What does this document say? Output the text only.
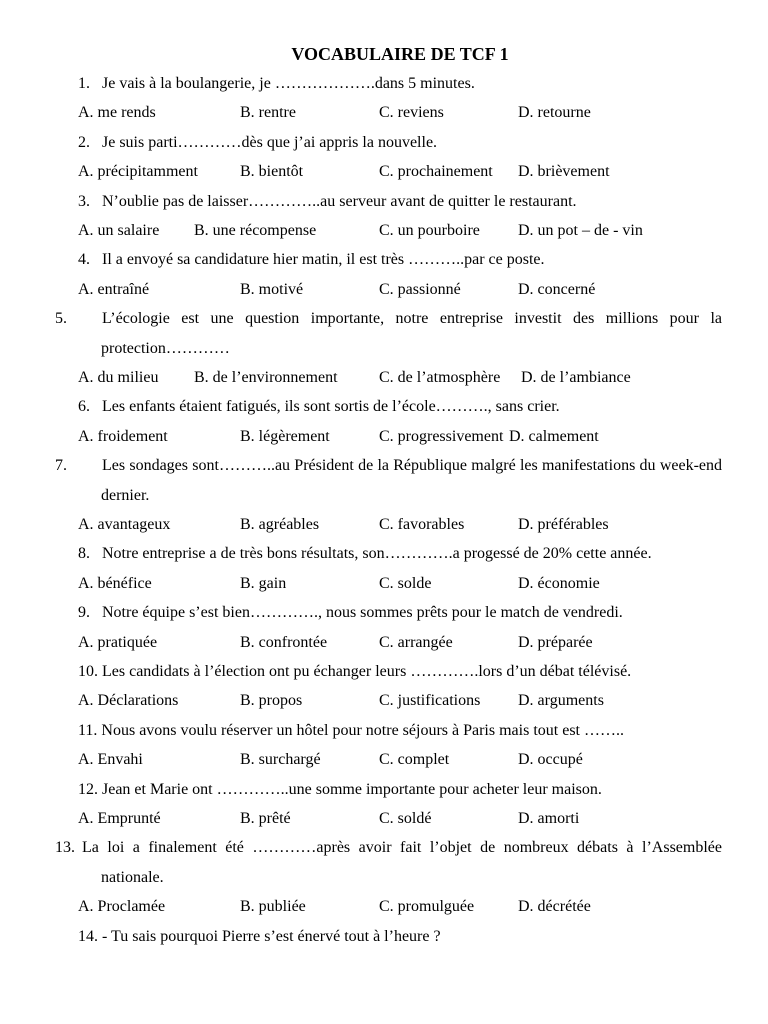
VOCABULAIRE DE TCF 1
1. Je vais à la boulangerie, je ……………….dans 5 minutes.
A. me rends	B. rentre	C. reviens	D. retourne
2. Je suis parti…………dès que j’ai appris la nouvelle.
A. précipitamment	B. bientôt	C. prochainement D. brièvement
3. N’oublie pas de laisser…………..au serveur avant de quitter le restaurant.
A. un salaire B. une récompense	C. un pourboire D. un pot – de - vin
4. Il a envoyé sa candidature hier matin, il est très ………..par ce poste.
A. entraîné	B. motivé	C. passionné	D. concerné
5. L’écologie est une question importante, notre entreprise investit des millions pour la protection…………
A. du milieu B. de l’environnement	C. de l’atmosphère D. de l’ambiance
6. Les enfants étaient fatigués, ils sont sortis de l’école………., sans crier.
A. froidement	B. légèrement	C. progressivement D. calmement
7. Les sondages sont………..au Président de la République malgré les manifestations du week-end dernier.
A. avantageux	B. agréables	C. favorables	D. préférables
8. Notre entreprise a de très bons résultats, son………….a progessé de 20% cette année.
A. bénéfice	B. gain	C. solde	D. économie
9. Notre équipe s’est bien…………., nous sommes prêts pour le match de vendredi.
A. pratiquée	B. confrontée	C. arrangée	D. préparée
10. Les candidats à l’élection ont pu échanger leurs ………….lors d’un débat télévisé.
A. Déclarations	B. propos	C. justifications D. arguments
11. Nous avons voulu réserver un hôtel pour notre séjours à Paris mais tout est ……..
A. Envahi	B. surchargé	C. complet	D. occupé
12. Jean et Marie ont …………..une somme importante pour acheter leur maison.
A. Emprunté	B. prêté	C. soldé	D. amorti
13. La loi a finalement été …………après avoir fait l’objet de nombreux débats à l’Assemblée nationale.
A. Proclamée	B. publiée	C. promulguée	D. décrétée
14. - Tu sais pourquoi Pierre s’est énervé tout à l’heure ?
